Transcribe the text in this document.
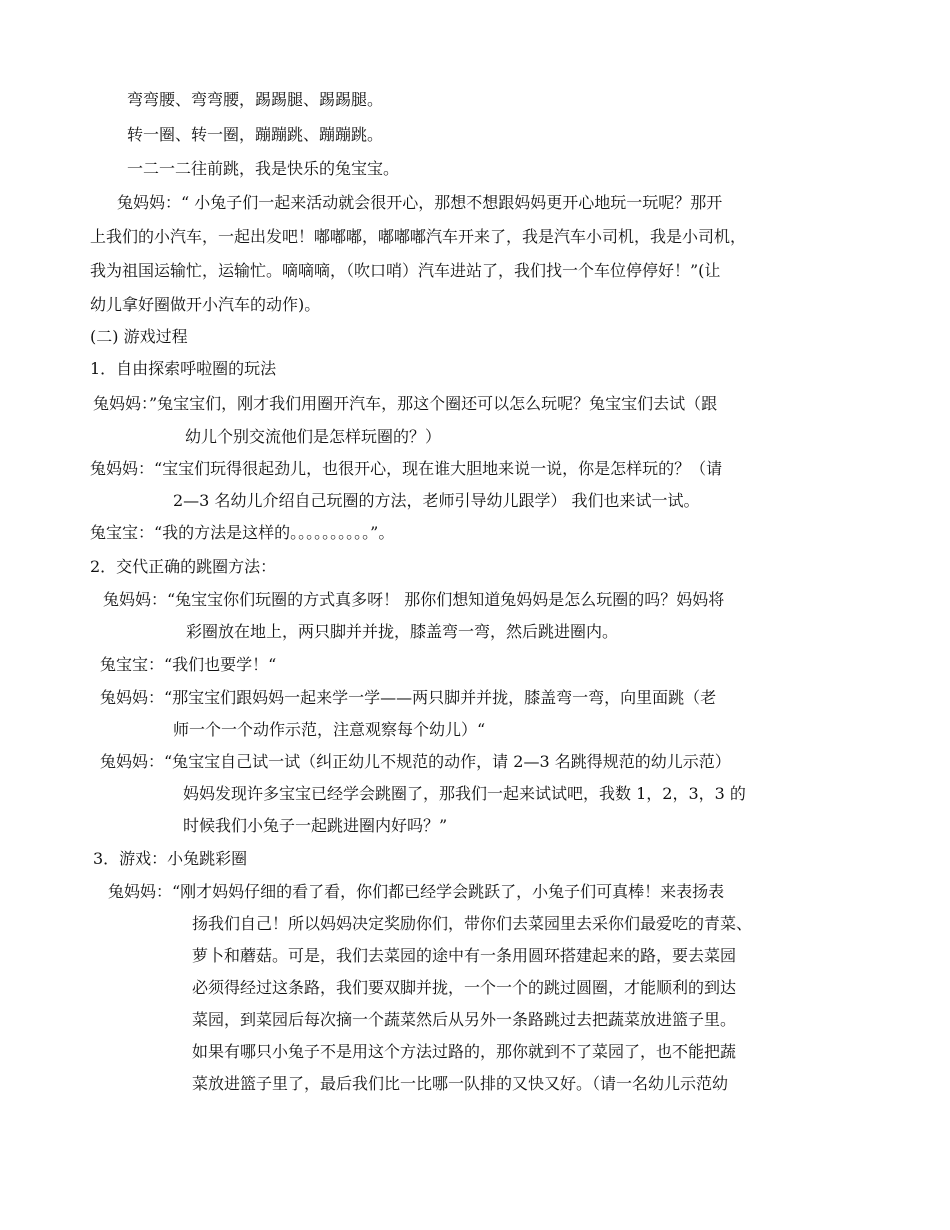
弯弯腰、弯弯腰，踢踢腿、踢踢腿。
转一圈、转一圈，蹦蹦跳、蹦蹦跳。
一二一二往前跳，我是快乐的兔宝宝。
兔妈妈：“ 小兔子们一起来活动就会很开心，那想不想跟妈妈更开心地玩一玩呢？那开
上我们的小汽车，一起出发吧！嘟嘟嘟，嘟嘟嘟汽车开来了，我是汽车小司机，我是小司机，
我为祖国运输忙，运输忙。嘀嘀嘀，（吹口哨）汽车进站了，我们找一个车位停停好！”(让
幼儿拿好圈做开小汽车的动作)。
(二) 游戏过程
1．自由探索呼啦圈的玩法
兔妈妈：”兔宝宝们，刚才我们用圈开汽车，那这个圈还可以怎么玩呢？兔宝宝们去试（跟
幼儿个别交流他们是怎样玩圈的？）
兔妈妈：“宝宝们玩得很起劲儿，也很开心，现在谁大胆地来说一说，你是怎样玩的？（请
2—3 名幼儿介绍自己玩圈的方法，老师引导幼儿跟学） 我们也来试一试。
兔宝宝：“我的方法是这样的。。。。。。。。。。”。
2．交代正确的跳圈方法：
兔妈妈：“兔宝宝你们玩圈的方式真多呀！ 那你们想知道兔妈妈是怎么玩圈的吗？妈妈将
彩圈放在地上，两只脚并并拢，膝盖弯一弯，然后跳进圈内。
兔宝宝：“我们也要学！“
兔妈妈：“那宝宝们跟妈妈一起来学一学——两只脚并并拢，膝盖弯一弯，向里面跳（老
师一个一个动作示范，注意观察每个幼儿）“
兔妈妈：“兔宝宝自己试一试（纠正幼儿不规范的动作，请 2—3 名跳得规范的幼儿示范）
妈妈发现许多宝宝已经学会跳圈了，那我们一起来试试吧，我数 1，2，3，3 的
时候我们小兔子一起跳进圈内好吗？”
3．游戏：小兔跳彩圈
兔妈妈：“刚才妈妈仔细的看了看，你们都已经学会跳跃了，小兔子们可真棒！来表扬表
扬我们自己！所以妈妈决定奖励你们，带你们去菜园里去采你们最爱吃的青菜、
萝卜和蘑菇。可是，我们去菜园的途中有一条用圆环搭建起来的路，要去菜园
必须得经过这条路，我们要双脚并拢，一个一个的跳过圆圈，才能顺利的到达
菜园，到菜园后每次摘一个蔬菜然后从另外一条路跳过去把蔬菜放进篮子里。
如果有哪只小兔子不是用这个方法过路的，那你就到不了菜园了，也不能把蔬
菜放进篮子里了，最后我们比一比哪一队排的又快又好。（请一名幼儿示范幼
